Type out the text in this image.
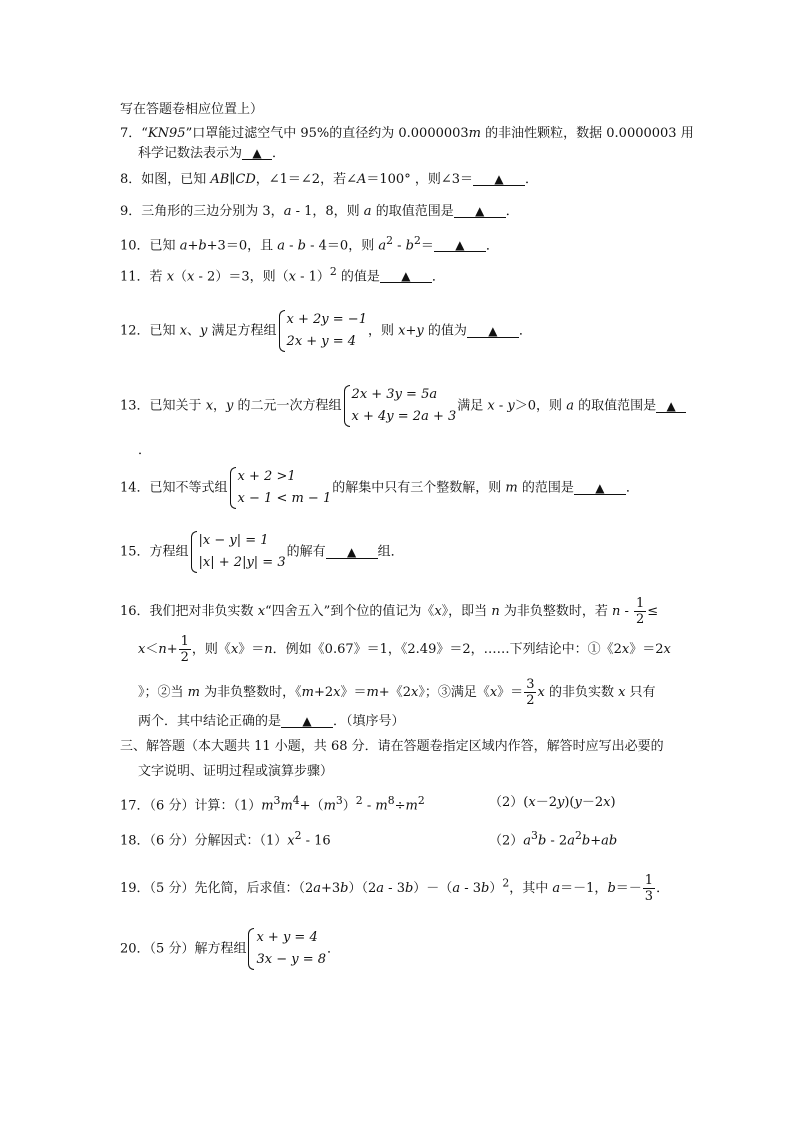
写在答题卷相应位置上）
7．“KN95”口罩能过滤空气中 95%的直径约为 0.0000003m 的非油性颗粒，数据 0.0000003 用
科学记数法表示为 ▲ ．
8．如图，已知 AB∥CD，∠1＝∠2，若∠A＝100° ，则∠3＝ ▲ ．
9．三角形的三边分别为 3，a - 1，8，则 a 的取值范围是 ▲ ．
10．已知 a+b+3＝0，且 a - b - 4＝0，则 $a^2 - b^2=$ ▲ ．
11．若 x（x - 2）＝3，则（x - 1）$^2$ 的值是 ▲ ．
12．已知 x、y 满足方程组
x + 2y = −1
2x + y = 4
，则 x+y 的值为 ▲ ．
13．已知关于 x，y 的二元一次方程组
2x + 3y = 5a
x + 4y = 2a + 3
满足 x - y＞0，则 a 的取值范围是 ▲
．
14．已知不等式组
x + 2 >1
x − 1 < m − 1
的解集中只有三个整数解，则 m 的范围是 ▲ ．
15．方程组
|x − y| = 1
|x| + 2|y| = 3
的解有 ▲ 组．
16．我们把对非负实数 x“四舍五入”到个位的值记为《x》，即当 n 为非负整数时，若 n - $\frac{1}{2}$ ≤
$x<n+ \frac{1}{2}$ ，则《x》＝n．例如《0.67》＝1，《2.49》＝2，……下列结论中：①《2x》＝2x
》；②当 m 为非负整数时，《m+2x》＝m+《2x》；③满足《x》＝ $\frac{3}{2}$ x 的非负实数 x 只有
两个．其中结论正确的是 ▲ ．（填序号）
三、解答题（本大题共 11 小题，共 68 分．请在答题卷指定区域内作答，解答时应写出必要的
文字说明、证明过程或演算步骤）
17．（6 分）计算：$(1)m^3m^4+(m^3)^2 - m^8\div m^2$	（2）(x－2y)(y－2x)
18．（6 分）分解因式：$(1)x^2 - 16$	$(2)a^3b - 2a^2b+ab$
19．（5 分）先化简，后求值：（2a+3b）（2a - 3b）－（a - 3b）$^2$，其中 a＝－1，$b=- \frac{1}{3}$ ．
20．（5 分）解方程组
x + y = 4
3x − y = 8
．
